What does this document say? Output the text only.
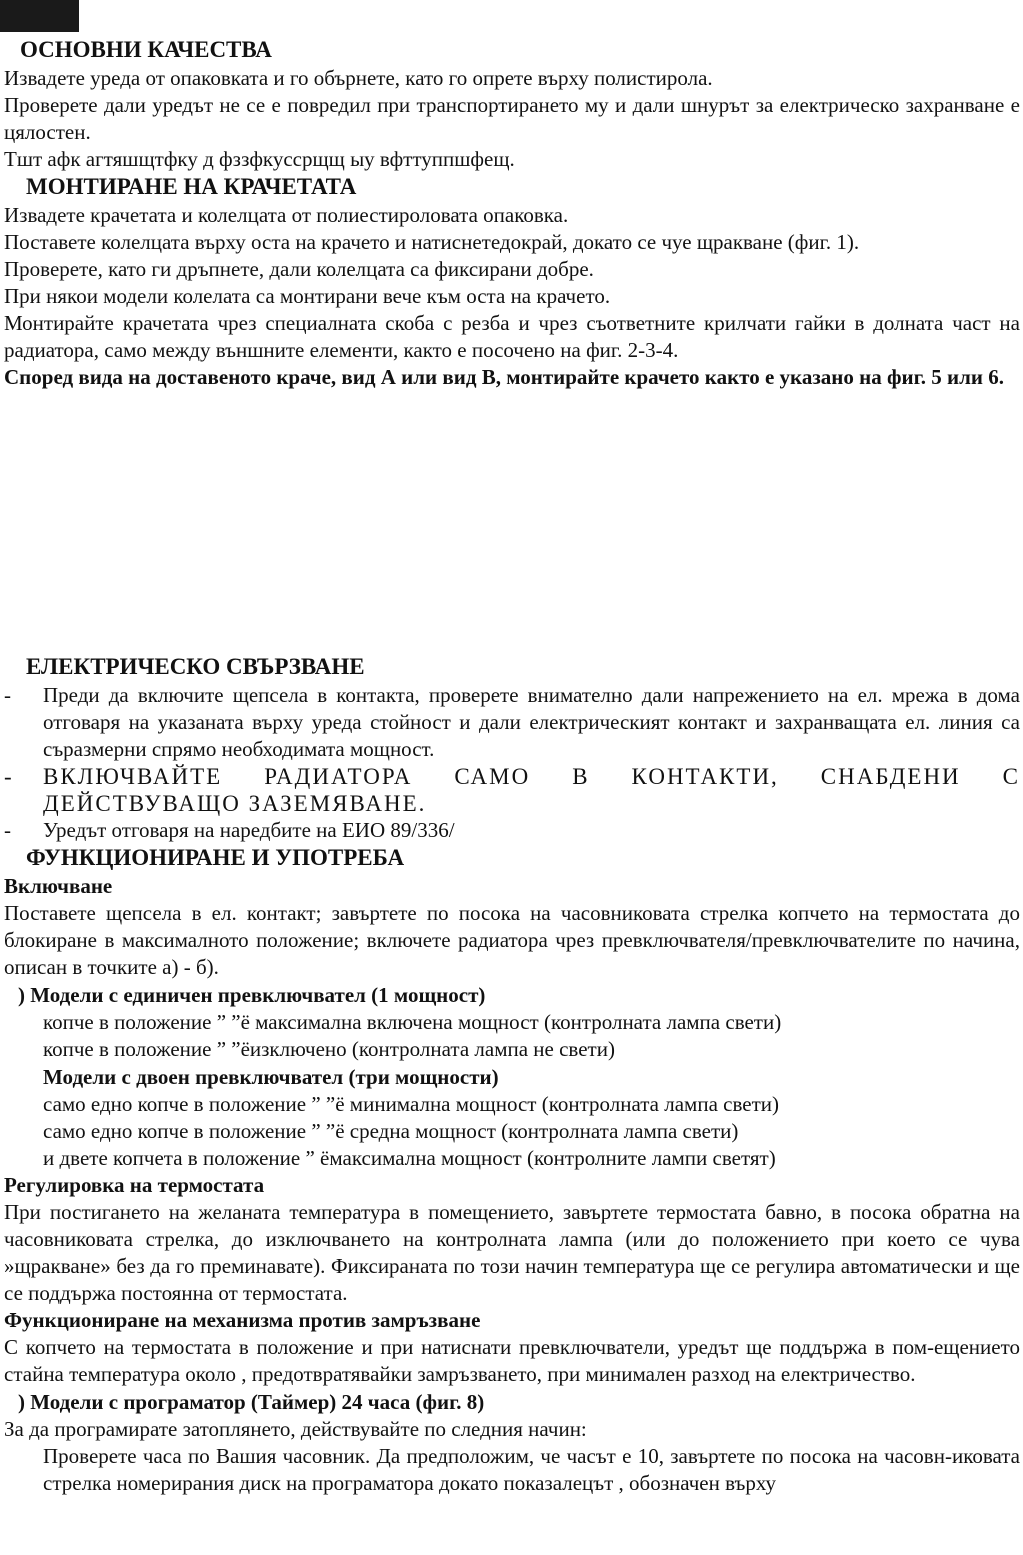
ОСНОВНИ КАЧЕСТВА

Извадете уреда от опаковката и го обърнете, като го опрете върху полистирола.

Проверете дали уредът не се е повредил при транспортирането му и дали шнурът за електрическо захранване е цялостен.

Тшт афк агтяшщтфку д фззфкуссрщщ ыу вфттуппшфещ.

МОНТИРАНЕ НА КРАЧЕТАТА

Извадете крачетата и колелцата от полиестироловата опаковка.

Поставете колелцата върху оста на крачето и натиснетедокрай, докато се чуе щракване (фиг. 1).

Проверете, като ги дръпнете, дали колелцата са фиксирани добре.

При някои модели колелата са монтирани вече към оста на крачето.

Монтирайте крачетата чрез специалната скоба с резба и чрез съответните крилчати гайки в долната част на радиатора, само между външните елементи, както е посочено на фиг. 2-3-4.

Според вида на доставеното краче, вид А или вид В, монтирайте крачето както е указано на фиг. 5 или 6.

ЕЛЕКТРИЧЕСКО СВЪРЗВАНЕ
- Преди да включите щепсела в контакта, проверете внимателно дали напрежението на ел. мрежа в дома отговаря на указаната върху уреда стойност и дали електрическият контакт и захранващата ел. линия са съразмерни спрямо необходимата мощност.
- ВКЛЮЧВАЙТЕ РАДИАТОРА САМО В КОНТАКТИ, СНАБДЕНИ С ДЕЙСТВУВАЩО ЗАЗЕМЯВАНЕ.
- Уредът отговаря на наредбите на ЕИО 89/336/
ФУНКЦИОНИРАНЕ И УПОТРЕБА
Включване

Поставете щепсела в ел. контакт; завъртете по посока на часовниковата стрелка копчето на термостата до блокиране в максималното положение; включете радиатора чрез превключвателя/превключвателите по начина, описан в точките а) - б).

) Модели с единичен превключвател (1 мощност)
копче в положение ” ”ё максимална включена мощност (контролната лампа свети)
копче в положение ” ”ёизключено (контролната лампа не свети)
Модели с двоен превключвател (три мощности)
само едно копче в положение ” ”ё минимална мощност (контролната лампа свети)
само едно копче в положение ” ”ё средна мощност (контролната лампа свети)
и двете копчета в положение ” ёмаксимална мощност (контролните лампи светят)
Регулировка на термостата

При постигането на желаната температура в помещението, завъртете термостата бавно, в посока обратна на часовниковата стрелка, до изключването на контролната лампа (или до положението при което се чува »щракване» без да го преминавате). Фиксираната по този начин температура ще се регулира автоматически и ще се поддържа постоянна от термостата.

Функциониране на механизма против замръзване

С копчето на термостата в положение и при натиснати превключватели, уредът ще поддържа в пом-ещението стайна температура около , предотвратявайки замръзването, при минимален разход на електричество.

) Модели с програматор (Таймер) 24 часа (фиг. 8)

За да програмирате затоплянето, действувайте по следния начин:

Проверете часа по Вашия часовник. Да предположим, че часът е 10, завъртете по посока на часовн-иковата стрелка номерирания диск на програматора докато показалецът , обозначен върху
